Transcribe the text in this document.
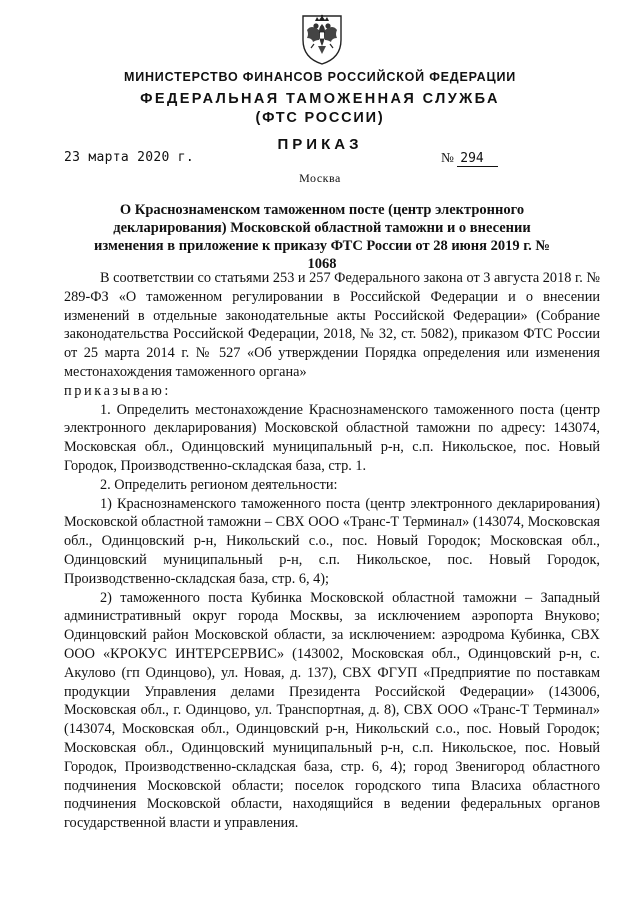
МИНИСТЕРСТВО ФИНАНСОВ РОССИЙСКОЙ ФЕДЕРАЦИИ
ФЕДЕРАЛЬНАЯ ТАМОЖЕННАЯ СЛУЖБА
(ФТС РОССИИ)
ПРИКАЗ
23 марта 2020 г.	№ 294
Москва
О Краснознаменском таможенном посте (центр электронного декларирования) Московской областной таможни и о внесении изменения в приложение к приказу ФТС России от 28 июня 2019 г. № 1068

В соответствии со статьями 253 и 257 Федерального закона от 3 августа 2018 г. № 289-ФЗ «О таможенном регулировании в Российской Федерации и о внесении изменений в отдельные законодательные акты Российской Федерации» (Собрание законодательства Российской Федерации, 2018, № 32, ст. 5082), приказом ФТС России от 25 марта 2014 г. № 527 «Об утверждении Порядка определения или изменения местонахождения таможенного органа»

приказываю:

1. Определить местонахождение Краснознаменского таможенного поста (центр электронного декларирования) Московской областной таможни по адресу: 143074, Московская обл., Одинцовский муниципальный р-н, с.п. Никольское, пос. Новый Городок, Производственно-складская база, стр. 1.

2. Определить регионом деятельности:

1) Краснознаменского таможенного поста (центр электронного декларирования) Московской областной таможни – СВХ ООО «Транс-Т Терминал» (143074, Московская обл., Одинцовский р-н, Никольский с.о., пос. Новый Городок; Московская обл., Одинцовский муниципальный р-н, с.п. Никольское, пос. Новый Городок, Производственно-складская база, стр. 6, 4);

2) таможенного поста Кубинка Московской областной таможни – Западный административный округ города Москвы, за исключением аэропорта Внуково; Одинцовский район Московской области, за исключением: аэродрома Кубинка, СВХ ООО «КРОКУС ИНТЕРСЕРВИС» (143002, Московская обл., Одинцовский р-н, с. Акулово (гп Одинцово), ул. Новая, д. 137), СВХ ФГУП «Предприятие по поставкам продукции Управления делами Президента Российской Федерации» (143006, Московская обл., г. Одинцово, ул. Транспортная, д. 8), СВХ ООО «Транс-Т Терминал» (143074, Московская обл., Одинцовский р-н, Никольский с.о., пос. Новый Городок; Московская обл., Одинцовский муниципальный р-н, с.п. Никольское, пос. Новый Городок, Производственно-складская база, стр. 6, 4); город Звенигород областного подчинения Московской области; поселок городского типа Власиха областного подчинения Московской области, находящийся в ведении федеральных органов государственной власти и управления.
